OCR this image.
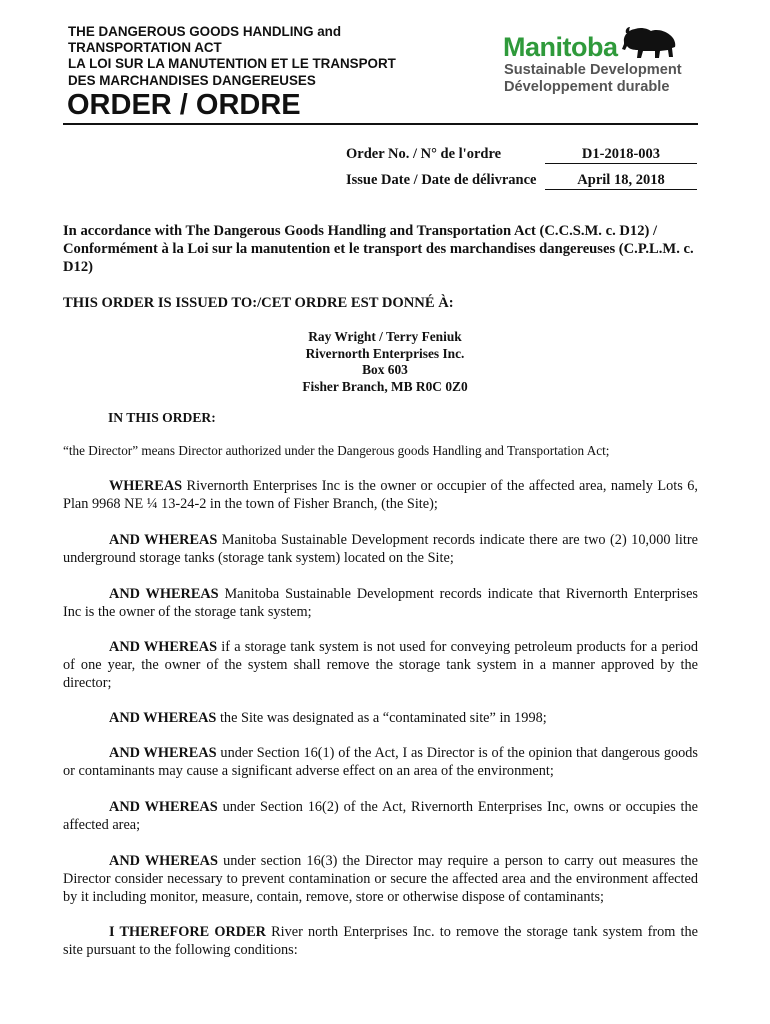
THE DANGEROUS GOODS HANDLING and
TRANSPORTATION ACT
LA LOI SUR LA MANUTENTION ET LE TRANSPORT
DES MARCHANDISES DANGEREUSES
Manitoba
Sustainable Development
Développement durable
ORDER / ORDRE
Order No. / N° de l'ordre	D1-2018-003
Issue Date / Date de délivrance	April 18, 2018
In accordance with The Dangerous Goods Handling and Transportation Act (C.C.S.M. c. D12) / Conformément à la Loi sur la manutention et le transport des marchandises dangereuses (C.P.L.M. c. D12)
THIS ORDER IS ISSUED TO:/CET ORDRE EST DONNÉ À:
Ray Wright / Terry Feniuk
Rivernorth Enterprises Inc.
Box 603
Fisher Branch, MB R0C 0Z0
IN THIS ORDER:
“the Director” means Director authorized under the Dangerous goods Handling and Transportation Act;
WHEREAS Rivernorth Enterprises Inc is the owner or occupier of the affected area, namely Lots 6, Plan 9968 NE ¼ 13-24-2 in the town of Fisher Branch, (the Site);
AND WHEREAS Manitoba Sustainable Development records indicate there are two (2) 10,000 litre underground storage tanks (storage tank system) located on the Site;
AND WHEREAS Manitoba Sustainable Development records indicate that Rivernorth Enterprises Inc is the owner of the storage tank system;
AND WHEREAS if a storage tank system is not used for conveying petroleum products for a period of one year, the owner of the system shall remove the storage tank system in a manner approved by the director;
AND WHEREAS the Site was designated as a “contaminated site” in 1998;
AND WHEREAS under Section 16(1) of the Act, I as Director is of the opinion that dangerous goods or contaminants may cause a significant adverse effect on an area of the environment;
AND WHEREAS under Section 16(2) of the Act, Rivernorth Enterprises Inc, owns or occupies the affected area;
AND WHEREAS under section 16(3) the Director may require a person to carry out measures the Director consider necessary to prevent contamination or secure the affected area and the environment affected by it including monitor, measure, contain, remove, store or otherwise dispose of contaminants;
I THEREFORE ORDER River north Enterprises Inc. to remove the storage tank system from the site pursuant to the following conditions:
